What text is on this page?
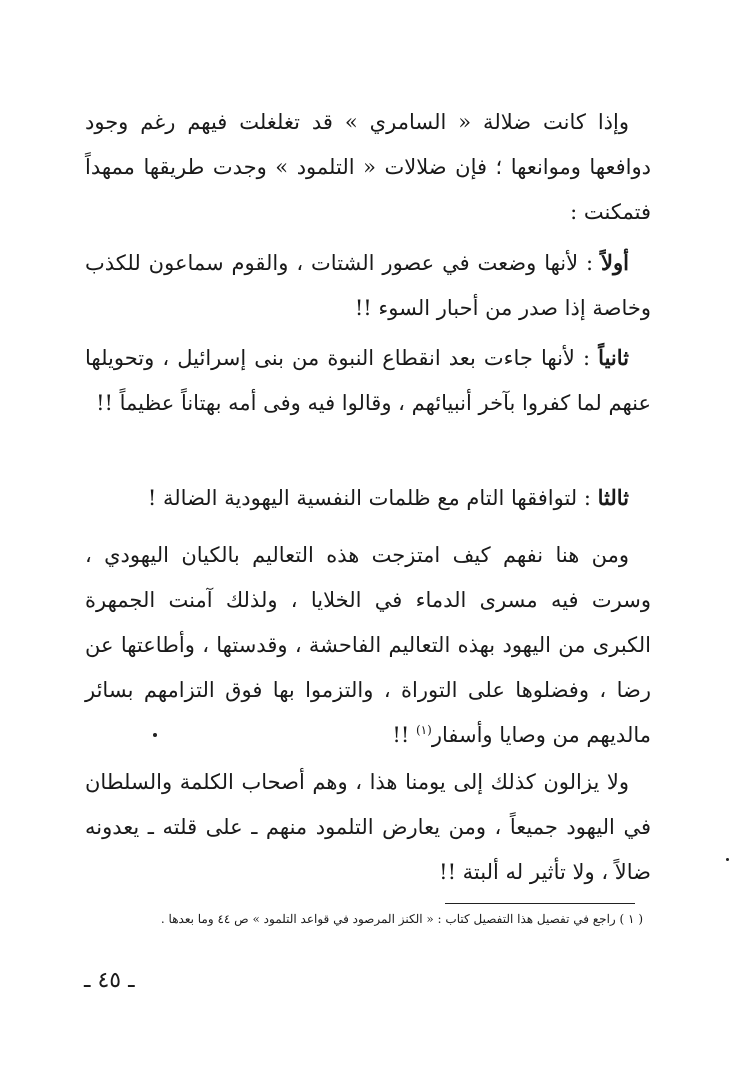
وإذا كانت ضلالة « السامري » قد تغلغلت فيهم رغم وجود دوافعها وموانعها ؛ فإن ضلالات « التلمود » وجدت طريقها ممهداً فتمكنت :

أولاً : لأنها وضعت في عصور الشتات ، والقوم سماعون للكذب وخاصة إذا صدر من أحبار السوء !!

ثانياً : لأنها جاءت بعد انقطاع النبوة من بنى إسرائيل ، وتحويلها عنهم لما كفروا بآخر أنبيائهم ، وقالوا فيه وفى أمه بهتاناً عظيماً !!

ثالثا : لتوافقها التام مع ظلمات النفسية اليهودية الضالة !

ومن هنا نفهم كيف امتزجت هذه التعاليم بالكيان اليهودي ، وسرت فيه مسرى الدماء في الخلايا ، ولذلك آمنت الجمهرة الكبرى من اليهود بهذه التعاليم الفاحشة ، وقدستها ، وأطاعتها عن رضا ، وفضلوها على التوراة ، والتزموا بها فوق التزامهم بسائر مالديهم من وصايا وأسفار$^{(١)}$ !!

ولا يزالون كذلك إلى يومنا هذا ، وهم أصحاب الكلمة والسلطان في اليهود جميعاً ، ومن يعارض التلمود منهم ـ على قلته ـ يعدونه ضالاً ، ولا تأثير له ألبتة !!

( ١ ) راجع في تفصيل هذا التفصيل كتاب : « الكنز المرصود في قواعد التلمود » ص ٤٤ وما بعدها .
ـ ٤٥ ـ
